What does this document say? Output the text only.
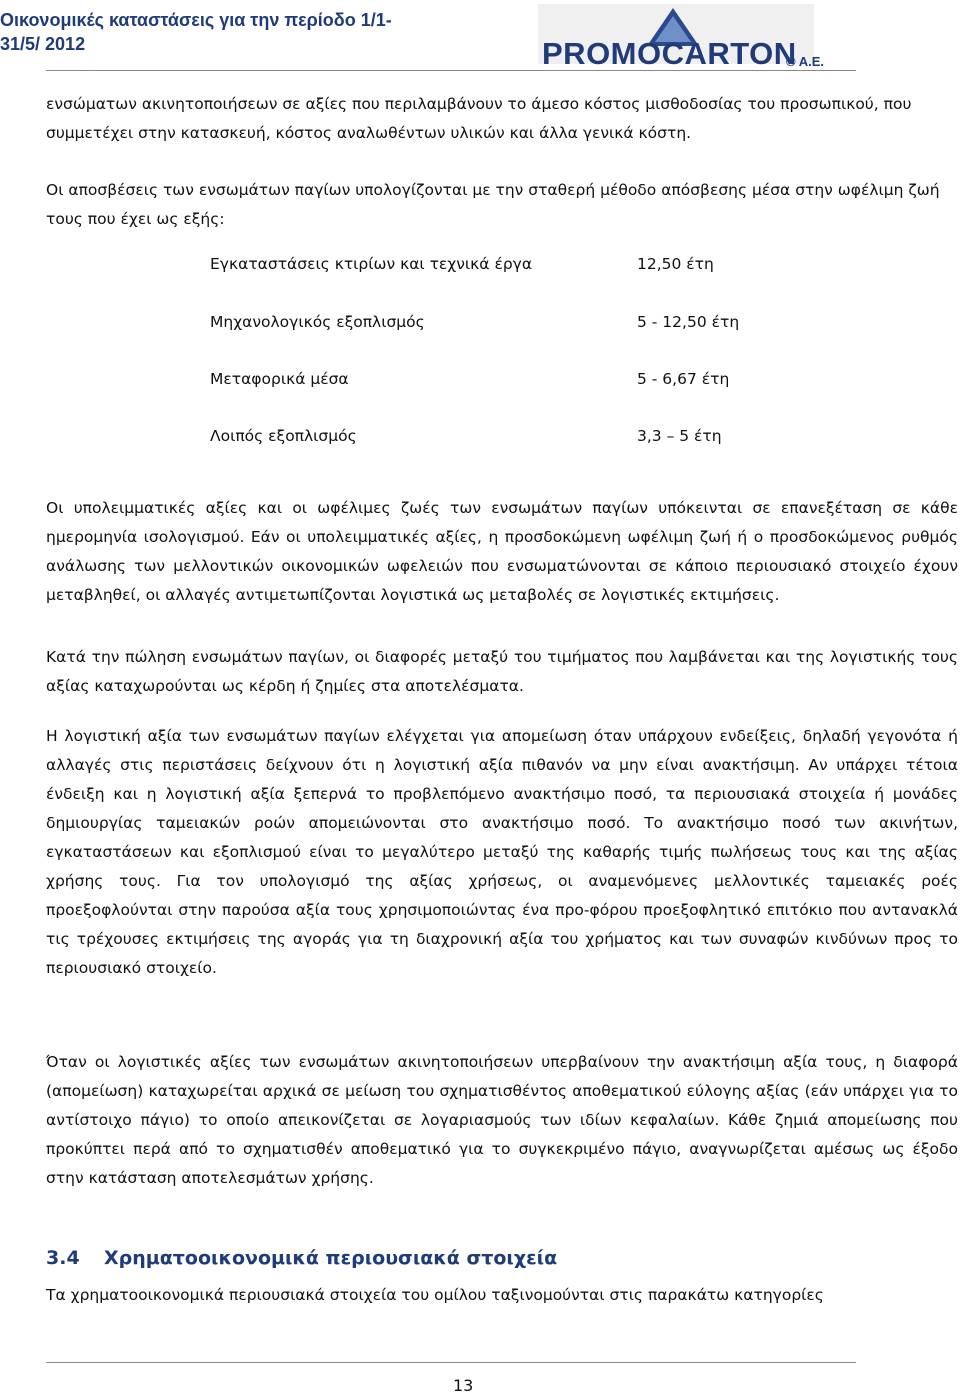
Οικονομικές καταστάσεις για την περίοδο 1/1-31/5/ 2012	PROMOCARTON
® A.E.

ενσώματων ακινητοποιήσεων σε αξίες που περιλαμβάνουν το άμεσο κόστος μισθοδοσίας του προσωπικού, που συμμετέχει στην κατασκευή, κόστος αναλωθέντων υλικών και άλλα γενικά κόστη.

Οι αποσβέσεις των ενσωμάτων παγίων υπολογίζονται με την σταθερή μέθοδο απόσβεσης μέσα στην ωφέλιμη ζωή τους που έχει ως εξής:

Εγκαταστάσεις κτιρίων και τεχνικά έργα	12,50 έτη
Μηχανολογικός εξοπλισμός	5 - 12,50 έτη
Μεταφορικά μέσα	5 - 6,67 έτη
Λοιπός εξοπλισμός	3,3 – 5 έτη

Οι υπολειμματικές αξίες και οι ωφέλιμες ζωές των ενσωμάτων παγίων υπόκεινται σε επανεξέταση σε κάθε ημερομηνία ισολογισμού. Εάν οι υπολειμματικές αξίες, η προσδοκώμενη ωφέλιμη ζωή ή ο προσδοκώμενος ρυθμός ανάλωσης των μελλοντικών οικονομικών ωφελειών που ενσωματώνονται σε κάποιο περιουσιακό στοιχείο έχουν μεταβληθεί, οι αλλαγές αντιμετωπίζονται λογιστικά ως μεταβολές σε λογιστικές εκτιμήσεις.

Κατά την πώληση ενσωμάτων παγίων, οι διαφορές μεταξύ του τιμήματος που λαμβάνεται και της λογιστικής τους αξίας καταχωρούνται ως κέρδη ή ζημίες στα αποτελέσματα.

Η λογιστική αξία των ενσωμάτων παγίων ελέγχεται για απομείωση όταν υπάρχουν ενδείξεις, δηλαδή γεγονότα ή αλλαγές στις περιστάσεις δείχνουν ότι η λογιστική αξία πιθανόν να μην είναι ανακτήσιμη. Αν υπάρχει τέτοια ένδειξη και η λογιστική αξία ξεπερνά το προβλεπόμενο ανακτήσιμο ποσό, τα περιουσιακά στοιχεία ή μονάδες δημιουργίας ταμειακών ροών απομειώνονται στο ανακτήσιμο ποσό. Το ανακτήσιμο ποσό των ακινήτων, εγκαταστάσεων και εξοπλισμού είναι το μεγαλύτερο μεταξύ της καθαρής τιμής πωλήσεως τους και της αξίας χρήσης τους. Για τον υπολογισμό της αξίας χρήσεως, οι αναμενόμενες μελλοντικές ταμειακές ροές προεξοφλούνται στην παρούσα αξία τους χρησιμοποιώντας ένα προ-φόρου προεξοφλητικό επιτόκιο που αντανακλά τις τρέχουσες εκτιμήσεις της αγοράς για τη διαχρονική αξία του χρήματος και των συναφών κινδύνων προς το περιουσιακό στοιχείο.

Όταν οι λογιστικές αξίες των ενσωμάτων ακινητοποιήσεων υπερβαίνουν την ανακτήσιμη αξία τους, η διαφορά (απομείωση) καταχωρείται αρχικά σε μείωση του σχηματισθέντος αποθεματικού εύλογης αξίας (εάν υπάρχει για το αντίστοιχο πάγιο) το οποίο απεικονίζεται σε λογαριασμούς των ιδίων κεφαλαίων. Κάθε ζημιά απομείωσης που προκύπτει περά από το σχηματισθέν αποθεματικό για το συγκεκριμένο πάγιο, αναγνωρίζεται αμέσως ως έξοδο στην κατάσταση αποτελεσμάτων χρήσης.

3.4 Χρηματοοικονομικά περιουσιακά στοιχεία

Τα χρηματοοικονομικά περιουσιακά στοιχεία του ομίλου ταξινομούνται στις παρακάτω κατηγορίες

13
